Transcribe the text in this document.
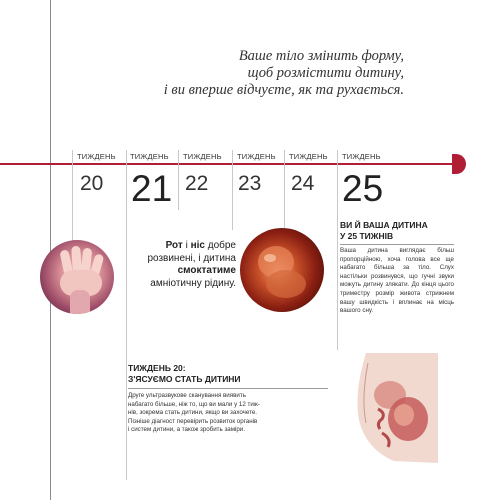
Ваше тіло змінить форму,
щоб розмістити дитину,
і ви вперше відчуєте, як та рухається.
ТИЖДЕНЬ ТИЖДЕНЬ ТИЖДЕНЬ ТИЖДЕНЬ ТИЖДЕНЬ ТИЖДЕНЬ
20 21 22 23 24 25
Рот і ніс добре розвинені, і дитина смоктатиме амніотичну рідину.
ВИ Й ВАША ДИТИНА
У 25 ТИЖНІВ
Ваша дитина виглядає більш пропорційною, хоча голова все ще набагато більша за тіло. Слух настільки розвинувся, що гучні звуки можуть дитину злякати. До кінця цього триместру розмір живота стрижнем вашу швидкість і вплинає на місць вашого сну.
ТИЖДЕНЬ 20:
З'ЯСУЄМО СТАТЬ ДИТИНИ
Друге ультразвукове сканування виявить
набагато більше, ніж то, що ви мали у 12 тиж-
нів, зокрема стать дитини, якщо ви захочете.
Пізніше діагност перевірить розвиток органів
і систем дитини, а також зробить заміри.
